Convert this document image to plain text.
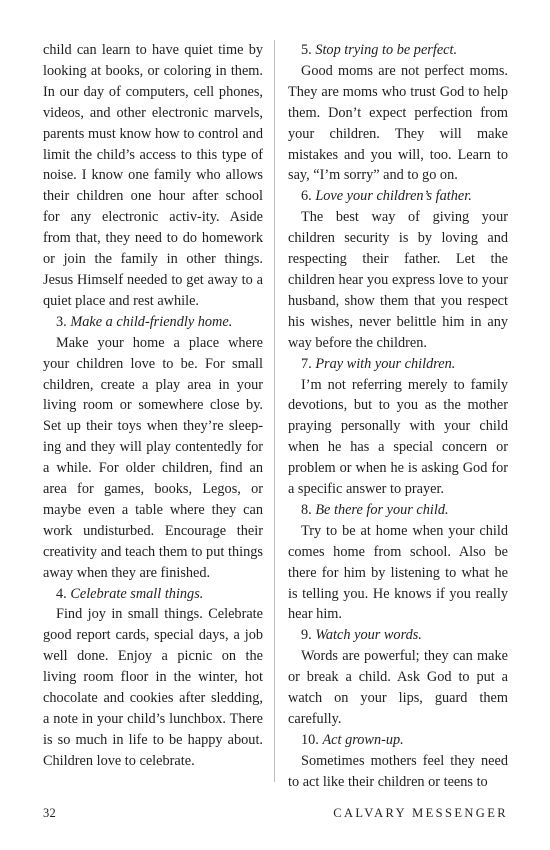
child can learn to have quiet time by looking at books, or coloring in them. In our day of computers, cell phones, videos, and other electronic marvels, parents must know how to control and limit the child’s access to this type of noise. I know one family who allows their children one hour after school for any electronic activ-ity. Aside from that, they need to do homework or join the family in other things. Jesus Himself needed to get away to a quiet place and rest awhile.

3. Make a child-friendly home.

Make your home a place where your children love to be. For small children, create a play area in your living room or somewhere close by. Set up their toys when they’re sleep-ing and they will play contentedly for a while. For older children, find an area for games, books, Legos, or maybe even a table where they can work undisturbed. Encourage their creativity and teach them to put things away when they are finished.

4. Celebrate small things.

Find joy in small things. Celebrate good report cards, special days, a job well done. Enjoy a picnic on the living room floor in the winter, hot chocolate and cookies after sledding, a note in your child’s lunchbox. There is so much in life to be happy about. Children love to celebrate.

5. Stop trying to be perfect.

Good moms are not perfect moms. They are moms who trust God to help them. Don’t expect perfection from your children. They will make mistakes and you will, too. Learn to say, “I’m sorry” and to go on.

6. Love your children’s father.

The best way of giving your children security is by loving and respecting their father. Let the children hear you express love to your husband, show them that you respect his wishes, never belittle him in any way before the children.

7. Pray with your children.

I’m not referring merely to family devotions, but to you as the mother praying personally with your child when he has a special concern or problem or when he is asking God for a specific answer to prayer.

8. Be there for your child.

Try to be at home when your child comes home from school. Also be there for him by listening to what he is telling you. He knows if you really hear him.

9. Watch your words.

Words are powerful; they can make or break a child. Ask God to put a watch on your lips, guard them carefully.

10. Act grown-up.

Sometimes mothers feel they need to act like their children or teens to

32	CALVARY MESSENGER
